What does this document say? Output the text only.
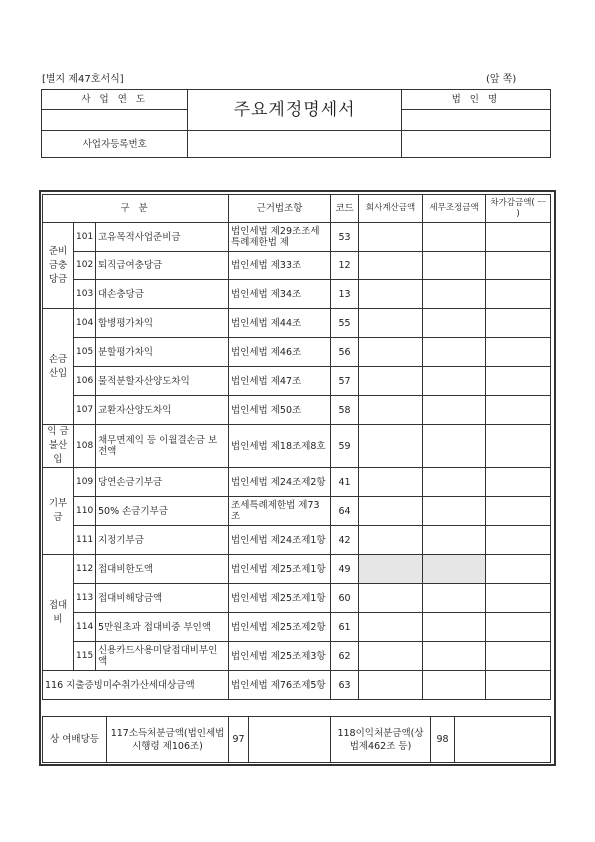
[별지 제47호서식]	(앞 쪽)
사 업 연 도	주요계정명세서	법 인 명

사업자등록번호		
구 분			근거법조항	코드	회사계산금액	세무조정금액	차가감금액( ㅡ )
준비금충당금	101	고유목적사업준비금	법인세법 제29조조세특례제한법 제	53			
	102	퇴직급여충당금	법인세법 제33조	12			
	103	대손충당금	법인세법 제34조	13			
손금산입	104	합병평가차익	법인세법 제44조	55			
	105	분할평가차익	법인세법 제46조	56			
	106	물적분할자산양도차익	법인세법 제47조	57			
	107	교환자산양도차익	법인세법 제50조	58			
익 금불산입	108	채무면제익 등 이월결손금 보전액	법인세법 제18조제8호	59			
기부금	109	당연손금기부금	법인세법 제24조제2항	41			
	110	50% 손금기부금	조세특례제한법 제73조	64			
	111	지정기부금	법인세법 제24조제1항	42			
접대비	112	접대비한도액	법인세법 제25조제1항	49			
	113	접대비해당금액	법인세법 제25조제1항	60			
	114	5만원초과 접대비중 부인액	법인세법 제25조제2항	61			
	115	신용카드사용미달접대비부인액	법인세법 제25조제3항	62			
116 지출증빙미수취가산세대상금액			법인세법 제76조제5항	63			
상 여배당등	117소득처분금액(법인세법시행령 제106조)	97		118이익처분금액(상법제462조 등)	98	
